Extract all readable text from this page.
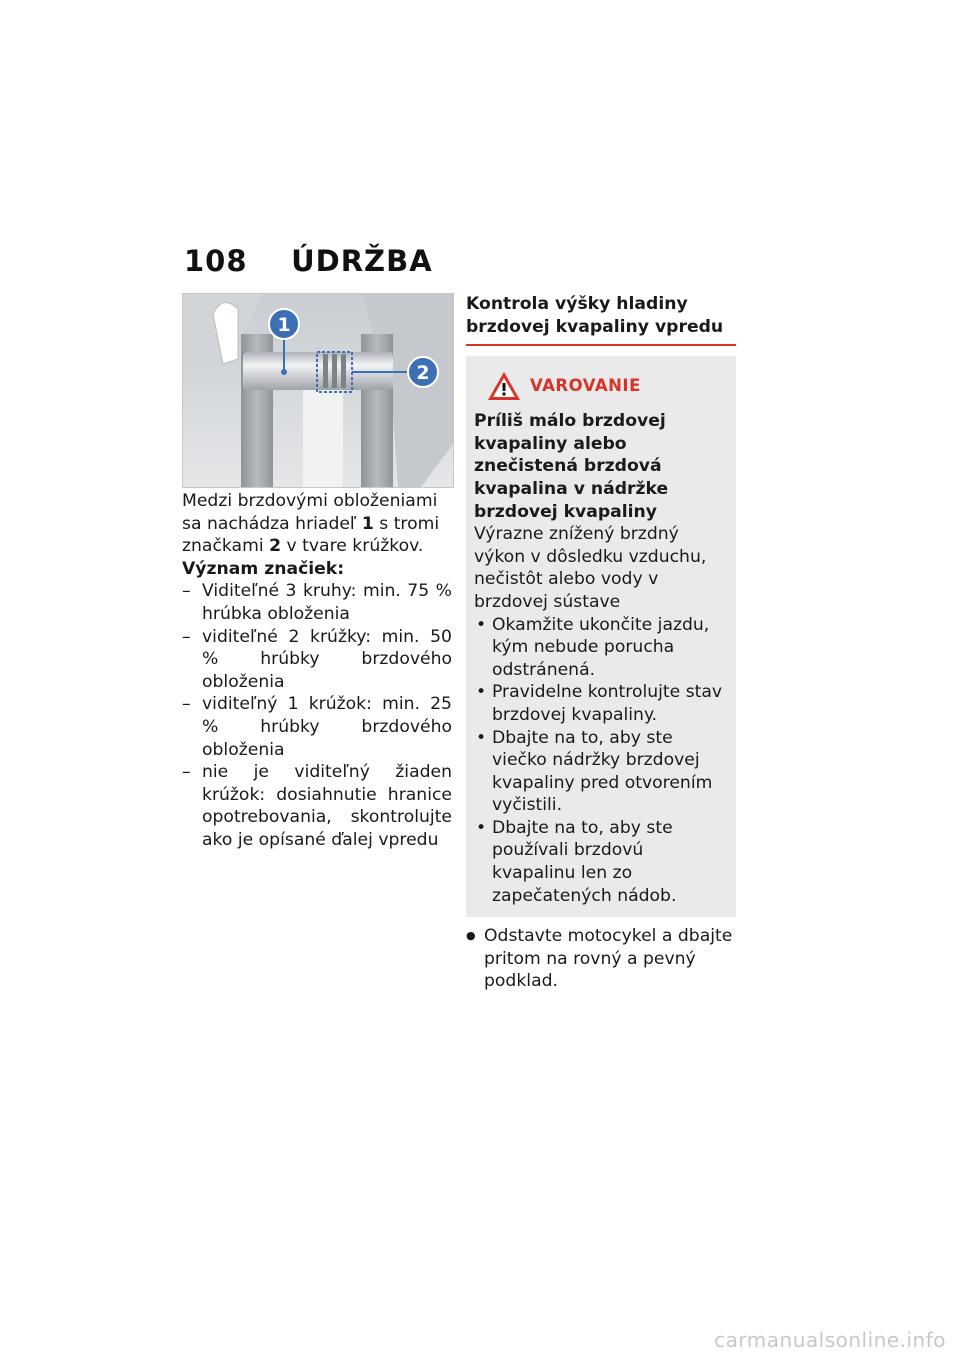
108 ÚDRŽBA
1
2

Medzi brzdovými obloženiami sa nachádza hriadeľ 1 s tromi značkami 2 v tvare krúžkov.

Význam značiek:

– Viditeľné 3 kruhy: min. 75 % hrúbka obloženia
– viditeľné 2 krúžky: min. 50 % hrúbky brzdového obloženia
– viditeľný 1 krúžok: min. 25 % hrúbky brzdového obloženia
– nie je viditeľný žiaden krúžok: dosiahnutie hranice opotrebovania, skontrolujte ako je opísané ďalej vpredu

Kontrola výšky hladiny brzdovej kvapaliny vpredu

VAROVANIE

Príliš málo brzdovej kvapaliny alebo znečistená brzdová kvapalina v nádržke brzdovej kvapaliny

Výrazne znížený brzdný výkon v dôsledku vzduchu, nečistôt alebo vody v brzdovej sústave

• Okamžite ukončite jazdu, kým nebude porucha odstránená.
• Pravidelne kontrolujte stav brzdovej kvapaliny.
• Dbajte na to, aby ste viečko nádržky brzdovej kvapaliny pred otvorením vyčistili.
• Dbajte na to, aby ste používali brzdovú kvapalinu len zo zapečatených nádob.
● Odstavte motocykel a dbajte pritom na rovný a pevný podklad.
carmanualsonline.info
